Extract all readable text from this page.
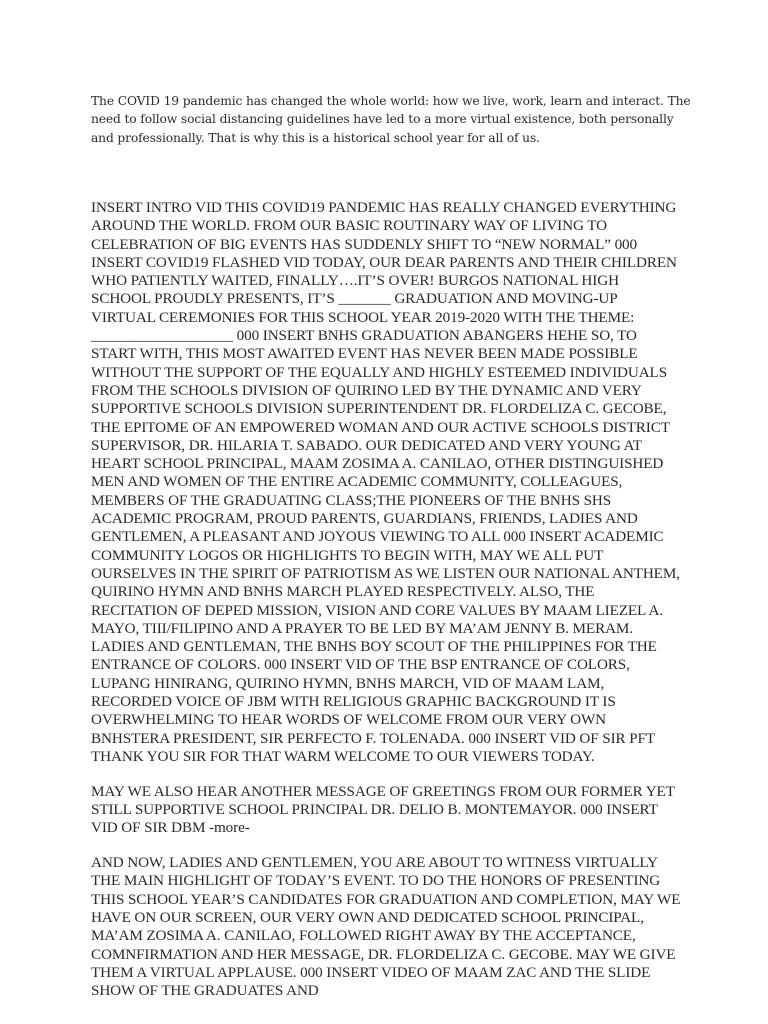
The COVID 19 pandemic has changed the whole world: how we live, work, learn and interact. The need to follow social distancing guidelines have led to a more virtual existence, both personally and professionally. That is why this is a historical school year for all of us.

INSERT INTRO VID THIS COVID19 PANDEMIC HAS REALLY CHANGED EVERYTHING AROUND THE WORLD. FROM OUR BASIC ROUTINARY WAY OF LIVING TO CELEBRATION OF BIG EVENTS HAS SUDDENLY SHIFT TO “NEW NORMAL” 000 INSERT COVID19 FLASHED VID TODAY, OUR DEAR PARENTS AND THEIR CHILDREN WHO PATIENTLY WAITED, FINALLY….IT’S OVER! BURGOS NATIONAL HIGH SCHOOL PROUDLY PRESENTS, IT’S _______ GRADUATION AND MOVING-UP VIRTUAL CEREMONIES FOR THIS SCHOOL YEAR 2019-2020 WITH THE THEME: ___________________ 000 INSERT BNHS GRADUATION ABANGERS HEHE SO, TO START WITH, THIS MOST AWAITED EVENT HAS NEVER BEEN MADE POSSIBLE WITHOUT THE SUPPORT OF THE EQUALLY AND HIGHLY ESTEEMED INDIVIDUALS FROM THE SCHOOLS DIVISION OF QUIRINO LED BY THE DYNAMIC AND VERY SUPPORTIVE SCHOOLS DIVISION SUPERINTENDENT DR. FLORDELIZA C. GECOBE, THE EPITOME OF AN EMPOWERED WOMAN AND OUR ACTIVE SCHOOLS DISTRICT SUPERVISOR, DR. HILARIA T. SABADO. OUR DEDICATED AND VERY YOUNG AT HEART SCHOOL PRINCIPAL, MAAM ZOSIMA A. CANILAO, OTHER DISTINGUISHED MEN AND WOMEN OF THE ENTIRE ACADEMIC COMMUNITY, COLLEAGUES, MEMBERS OF THE GRADUATING CLASS;THE PIONEERS OF THE BNHS SHS ACADEMIC PROGRAM, PROUD PARENTS, GUARDIANS, FRIENDS, LADIES AND GENTLEMEN, A PLEASANT AND JOYOUS VIEWING TO ALL 000 INSERT ACADEMIC COMMUNITY LOGOS OR HIGHLIGHTS TO BEGIN WITH, MAY WE ALL PUT OURSELVES IN THE SPIRIT OF PATRIOTISM AS WE LISTEN OUR NATIONAL ANTHEM, QUIRINO HYMN AND BNHS MARCH PLAYED RESPECTIVELY. ALSO, THE RECITATION OF DEPED MISSION, VISION AND CORE VALUES BY MAAM LIEZEL A. MAYO, TIII/FILIPINO AND A PRAYER TO BE LED BY MA’AM JENNY B. MERAM. LADIES AND GENTLEMAN, THE BNHS BOY SCOUT OF THE PHILIPPINES FOR THE ENTRANCE OF COLORS. 000 INSERT VID OF THE BSP ENTRANCE OF COLORS, LUPANG HINIRANG, QUIRINO HYMN, BNHS MARCH, VID OF MAAM LAM, RECORDED VOICE OF JBM WITH RELIGIOUS GRAPHIC BACKGROUND IT IS OVERWHELMING TO HEAR WORDS OF WELCOME FROM OUR VERY OWN BNHSTERA PRESIDENT, SIR PERFECTO F. TOLENADA. 000 INSERT VID OF SIR PFT THANK YOU SIR FOR THAT WARM WELCOME TO OUR VIEWERS TODAY.

MAY WE ALSO HEAR ANOTHER MESSAGE OF GREETINGS FROM OUR FORMER YET STILL SUPPORTIVE SCHOOL PRINCIPAL DR. DELIO B. MONTEMAYOR. 000 INSERT VID OF SIR DBM -more-

AND NOW, LADIES AND GENTLEMEN, YOU ARE ABOUT TO WITNESS VIRTUALLY THE MAIN HIGHLIGHT OF TODAY’S EVENT. TO DO THE HONORS OF PRESENTING THIS SCHOOL YEAR’S CANDIDATES FOR GRADUATION AND COMPLETION, MAY WE HAVE ON OUR SCREEN, OUR VERY OWN AND DEDICATED SCHOOL PRINCIPAL, MA’AM ZOSIMA A. CANILAO, FOLLOWED RIGHT AWAY BY THE ACCEPTANCE, COMNFIRMATION AND HER MESSAGE, DR. FLORDELIZA C. GECOBE. MAY WE GIVE THEM A VIRTUAL APPLAUSE. 000 INSERT VIDEO OF MAAM ZAC AND THE SLIDE SHOW OF THE GRADUATES AND
